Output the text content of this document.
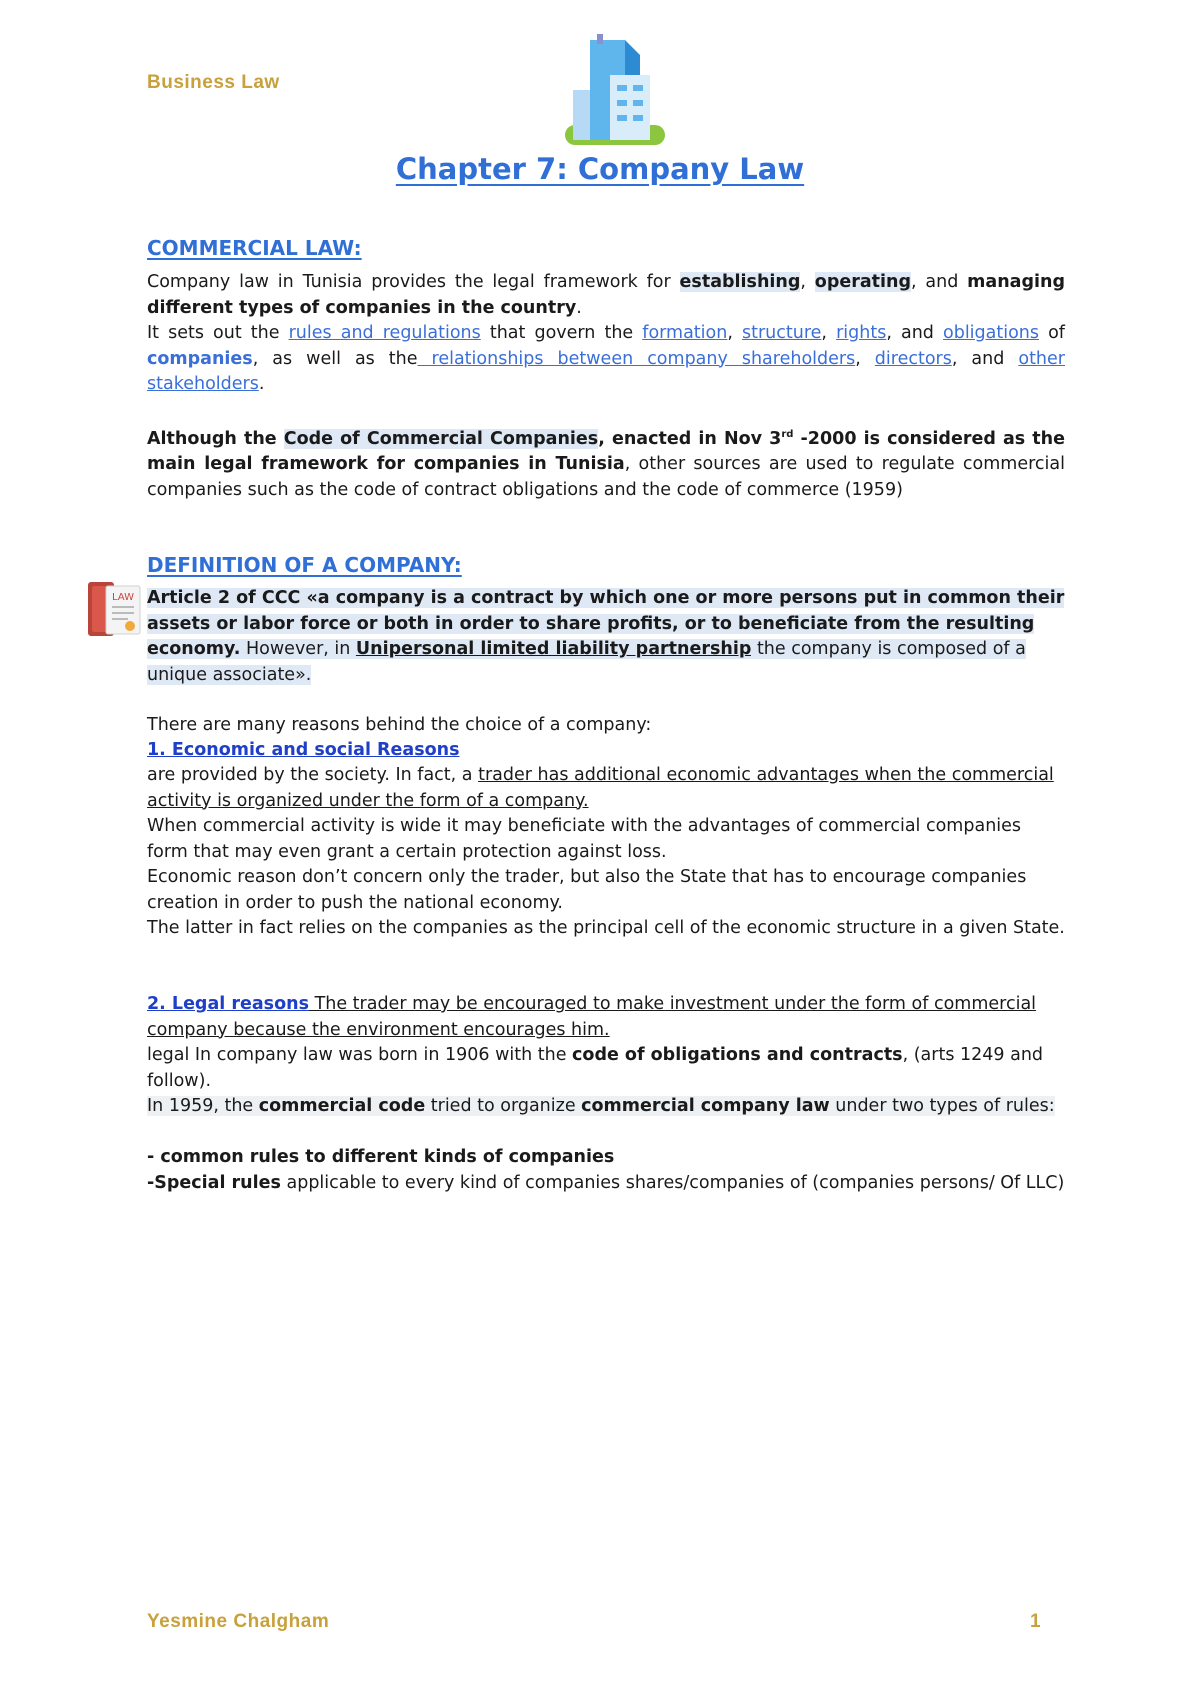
Business Law

Chapter 7: Company Law
COMMERCIAL LAW:

Company law in Tunisia provides the legal framework for establishing, operating, and managing different types of companies in the country.

It sets out the rules and regulations that govern the formation, structure, rights, and obligations of companies, as well as the relationships between company shareholders, directors, and other stakeholders.

Although the Code of Commercial Companies, enacted in Nov 3rd -2000 is considered as the main legal framework for companies in Tunisia, other sources are used to regulate commercial companies such as the code of contract obligations and the code of commerce (1959)

DEFINITION OF A COMPANY:
LAW Article 2 of CCC «a company is a contract by which one or more persons put in common their assets or labor force or both in order to share profits, or to beneficiate from the resulting economy. However, in Unipersonal limited liability partnership the company is composed of a unique associate».

There are many reasons behind the choice of a company:

1. Economic and social Reasons

are provided by the society. In fact, a trader has additional economic advantages when the commercial activity is organized under the form of a company.

When commercial activity is wide it may beneficiate with the advantages of commercial companies form that may even grant a certain protection against loss.

Economic reason don’t concern only the trader, but also the State that has to encourage companies creation in order to push the national economy.

The latter in fact relies on the companies as the principal cell of the economic structure in a given State.

2. Legal reasons The trader may be encouraged to make investment under the form of commercial company because the environment encourages him.

legal In company law was born in 1906 with the code of obligations and contracts, (arts 1249 and follow).

In 1959, the commercial code tried to organize commercial company law under two types of rules:

- common rules to different kinds of companies

-Special rules applicable to every kind of companies shares/companies of (companies persons/ Of LLC)

Yesmine Chalgham	1
